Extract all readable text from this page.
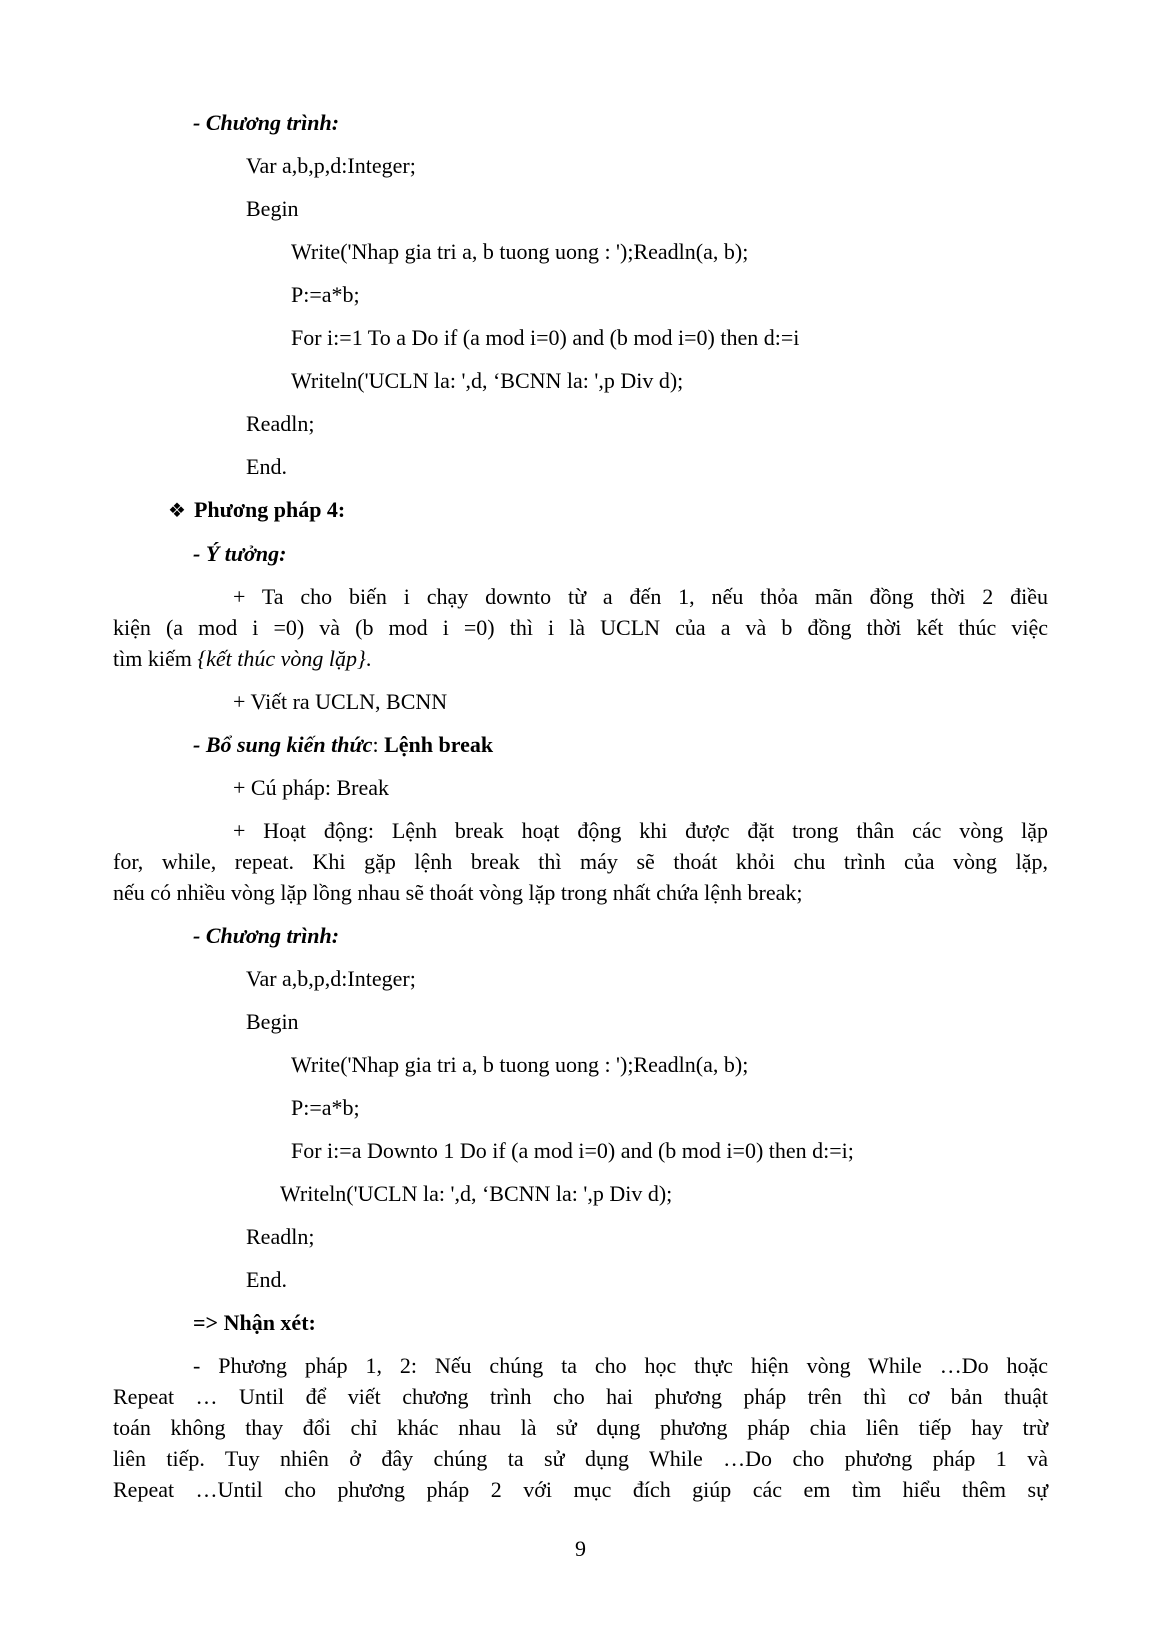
- Chương trình:
Var a,b,p,d:Integer;
Begin
Write('Nhap gia tri a, b tuong uong : ');Readln(a, b);
P:=a*b;
For i:=1 To a Do if (a mod i=0) and (b mod i=0) then d:=i
Writeln('UCLN la: ',d, ‘BCNN la: ',p Div d);
Readln;
End.
❖ Phương pháp 4:
- Ý tưởng:
+ Ta cho biến i chạy downto từ a đến 1, nếu thỏa mãn đồng thời 2 điều
kiện (a mod i =0) và (b mod i =0) thì i là UCLN của a và b đồng thời kết thúc việc
tìm kiếm {kết thúc vòng lặp}.
+ Viết ra UCLN, BCNN
- Bổ sung kiến thức: Lệnh break
+ Cú pháp: Break
+ Hoạt động: Lệnh break hoạt động khi được đặt trong thân các vòng lặp
for, while, repeat. Khi gặp lệnh break thì máy sẽ thoát khỏi chu trình của vòng lặp,
nếu có nhiều vòng lặp lồng nhau sẽ thoát vòng lặp trong nhất chứa lệnh break;
- Chương trình:
Var a,b,p,d:Integer;
Begin
Write('Nhap gia tri a, b tuong uong : ');Readln(a, b);
P:=a*b;
For i:=a Downto 1 Do if (a mod i=0) and (b mod i=0) then d:=i;
Writeln('UCLN la: ',d, ‘BCNN la: ',p Div d);
Readln;
End.
=> Nhận xét:
- Phương pháp 1, 2: Nếu chúng ta cho học thực hiện vòng While …Do hoặc
Repeat … Until để viết chương trình cho hai phương pháp trên thì cơ bản thuật
toán không thay đổi chỉ khác nhau là sử dụng phương pháp chia liên tiếp hay trừ
liên tiếp. Tuy nhiên ở đây chúng ta sử dụng While …Do cho phương pháp 1 và
Repeat …Until cho phương pháp 2 với mục đích giúp các em tìm hiểu thêm sự
9
